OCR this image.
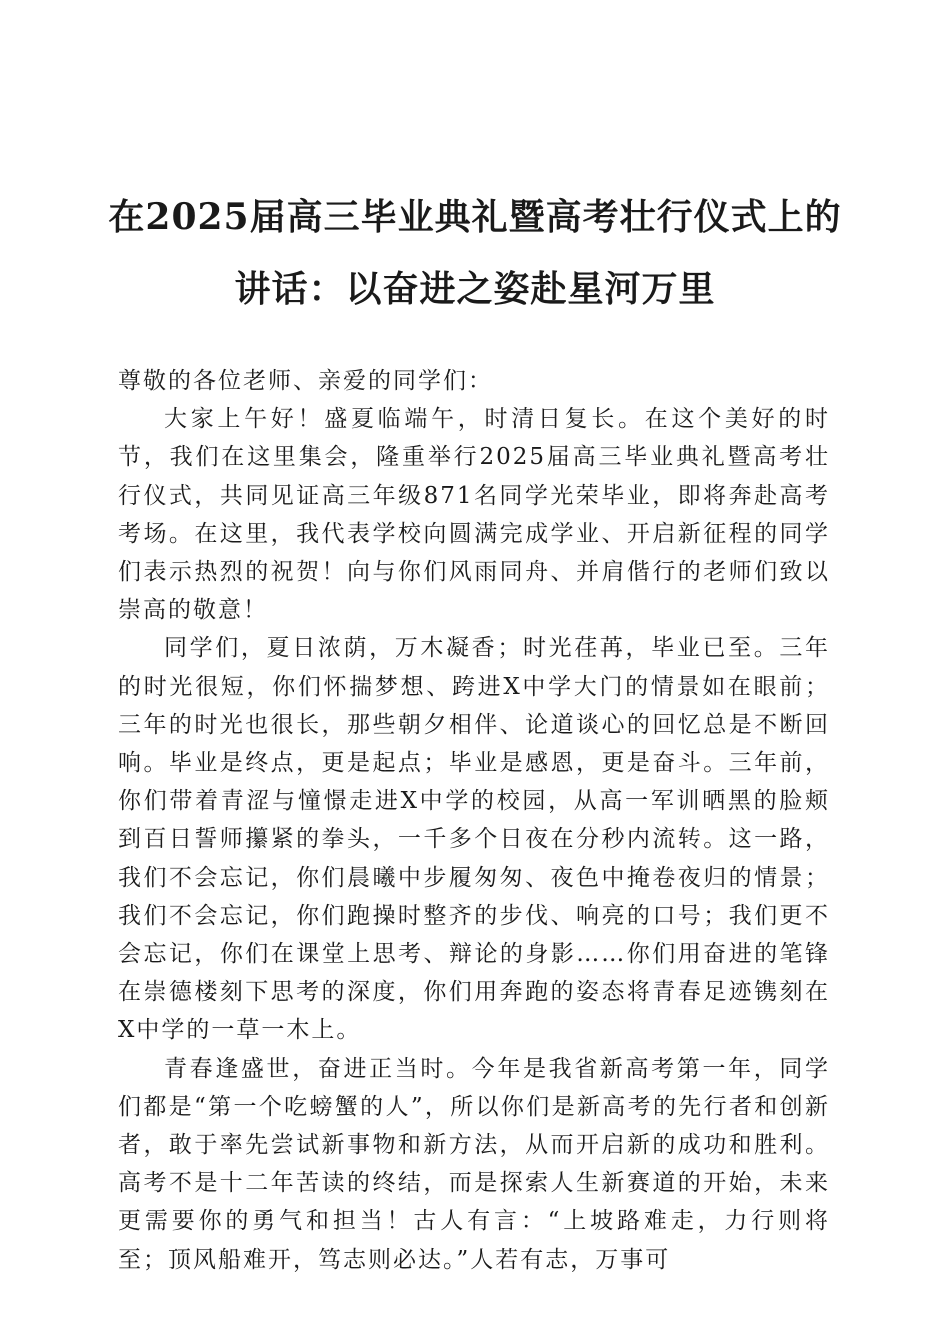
在2025届高三毕业典礼暨高考壮行仪式上的
讲话：以奋进之姿赴星河万里

尊敬的各位老师、亲爱的同学们：

大家上午好！盛夏临端午，时清日复长。在这个美好的时节，我们在这里集会，隆重举行2025届高三毕业典礼暨高考壮行仪式，共同见证高三年级871名同学光荣毕业，即将奔赴高考考场。在这里，我代表学校向圆满完成学业、开启新征程的同学们表示热烈的祝贺！向与你们风雨同舟、并肩偕行的老师们致以崇高的敬意！

同学们，夏日浓荫，万木凝香；时光荏苒，毕业已至。三年的时光很短，你们怀揣梦想、跨进X中学大门的情景如在眼前；三年的时光也很长，那些朝夕相伴、论道谈心的回忆总是不断回响。毕业是终点，更是起点；毕业是感恩，更是奋斗。三年前，你们带着青涩与憧憬走进X中学的校园，从高一军训晒黑的脸颊到百日誓师攥紧的拳头，一千多个日夜在分秒内流转。这一路，我们不会忘记，你们晨曦中步履匆匆、夜色中掩卷夜归的情景；我们不会忘记，你们跑操时整齐的步伐、响亮的口号；我们更不会忘记，你们在课堂上思考、辩论的身影……你们用奋进的笔锋在崇德楼刻下思考的深度，你们用奔跑的姿态将青春足迹镌刻在X中学的一草一木上。

青春逢盛世，奋进正当时。今年是我省新高考第一年，同学们都是“第一个吃螃蟹的人”，所以你们是新高考的先行者和创新者，敢于率先尝试新事物和新方法，从而开启新的成功和胜利。高考不是十二年苦读的终结，而是探索人生新赛道的开始，未来更需要你的勇气和担当！古人有言：“上坡路难走，力行则将至；顶风船难开，笃志则必达。”人若有志，万事可
